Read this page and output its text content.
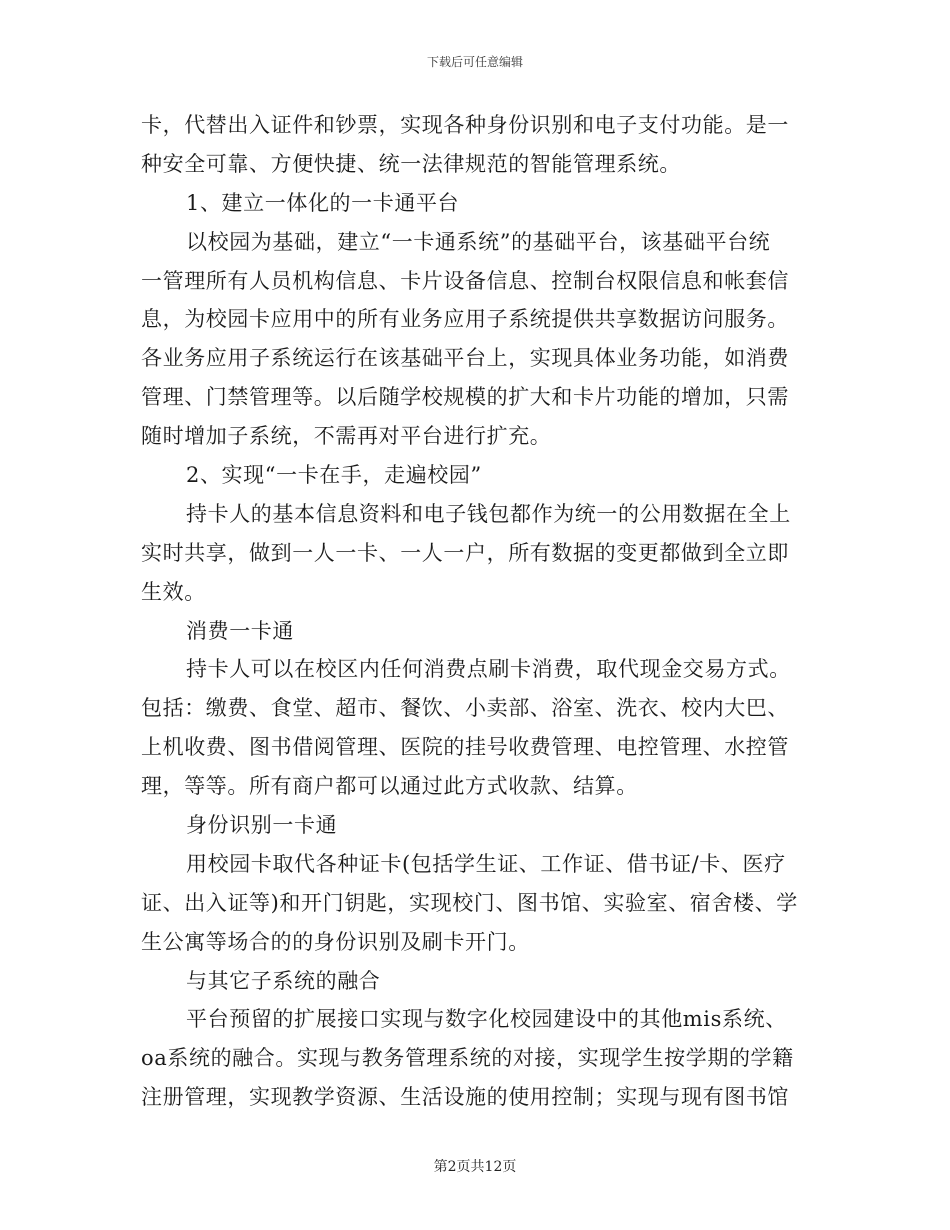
下载后可任意编辑
卡，代替出入证件和钞票，实现各种身份识别和电子支付功能。是一
种安全可靠、方便快捷、统一法律规范的智能管理系统。
1、建立一体化的一卡通平台
以校园为基础，建立“一卡通系统”的基础平台，该基础平台统
一管理所有人员机构信息、卡片设备信息、控制台权限信息和帐套信
息，为校园卡应用中的所有业务应用子系统提供共享数据访问服务。
各业务应用子系统运行在该基础平台上，实现具体业务功能，如消费
管理、门禁管理等。以后随学校规模的扩大和卡片功能的增加，只需
随时增加子系统，不需再对平台进行扩充。
2、实现“一卡在手，走遍校园”
持卡人的基本信息资料和电子钱包都作为统一的公用数据在全上
实时共享，做到一人一卡、一人一户，所有数据的变更都做到全立即
生效。
消费一卡通
持卡人可以在校区内任何消费点刷卡消费，取代现金交易方式。
包括：缴费、食堂、超市、餐饮、小卖部、浴室、洗衣、校内大巴、
上机收费、图书借阅管理、医院的挂号收费管理、电控管理、水控管
理，等等。所有商户都可以通过此方式收款、结算。
身份识别一卡通
用校园卡取代各种证卡(包括学生证、工作证、借书证/卡、医疗
证、出入证等)和开门钥匙，实现校门、图书馆、实验室、宿舍楼、学
生公寓等场合的的身份识别及刷卡开门。
与其它子系统的融合
平台预留的扩展接口实现与数字化校园建设中的其他mis系统、
oa系统的融合。实现与教务管理系统的对接，实现学生按学期的学籍
注册管理，实现教学资源、生活设施的使用控制；实现与现有图书馆
第2页共12页
